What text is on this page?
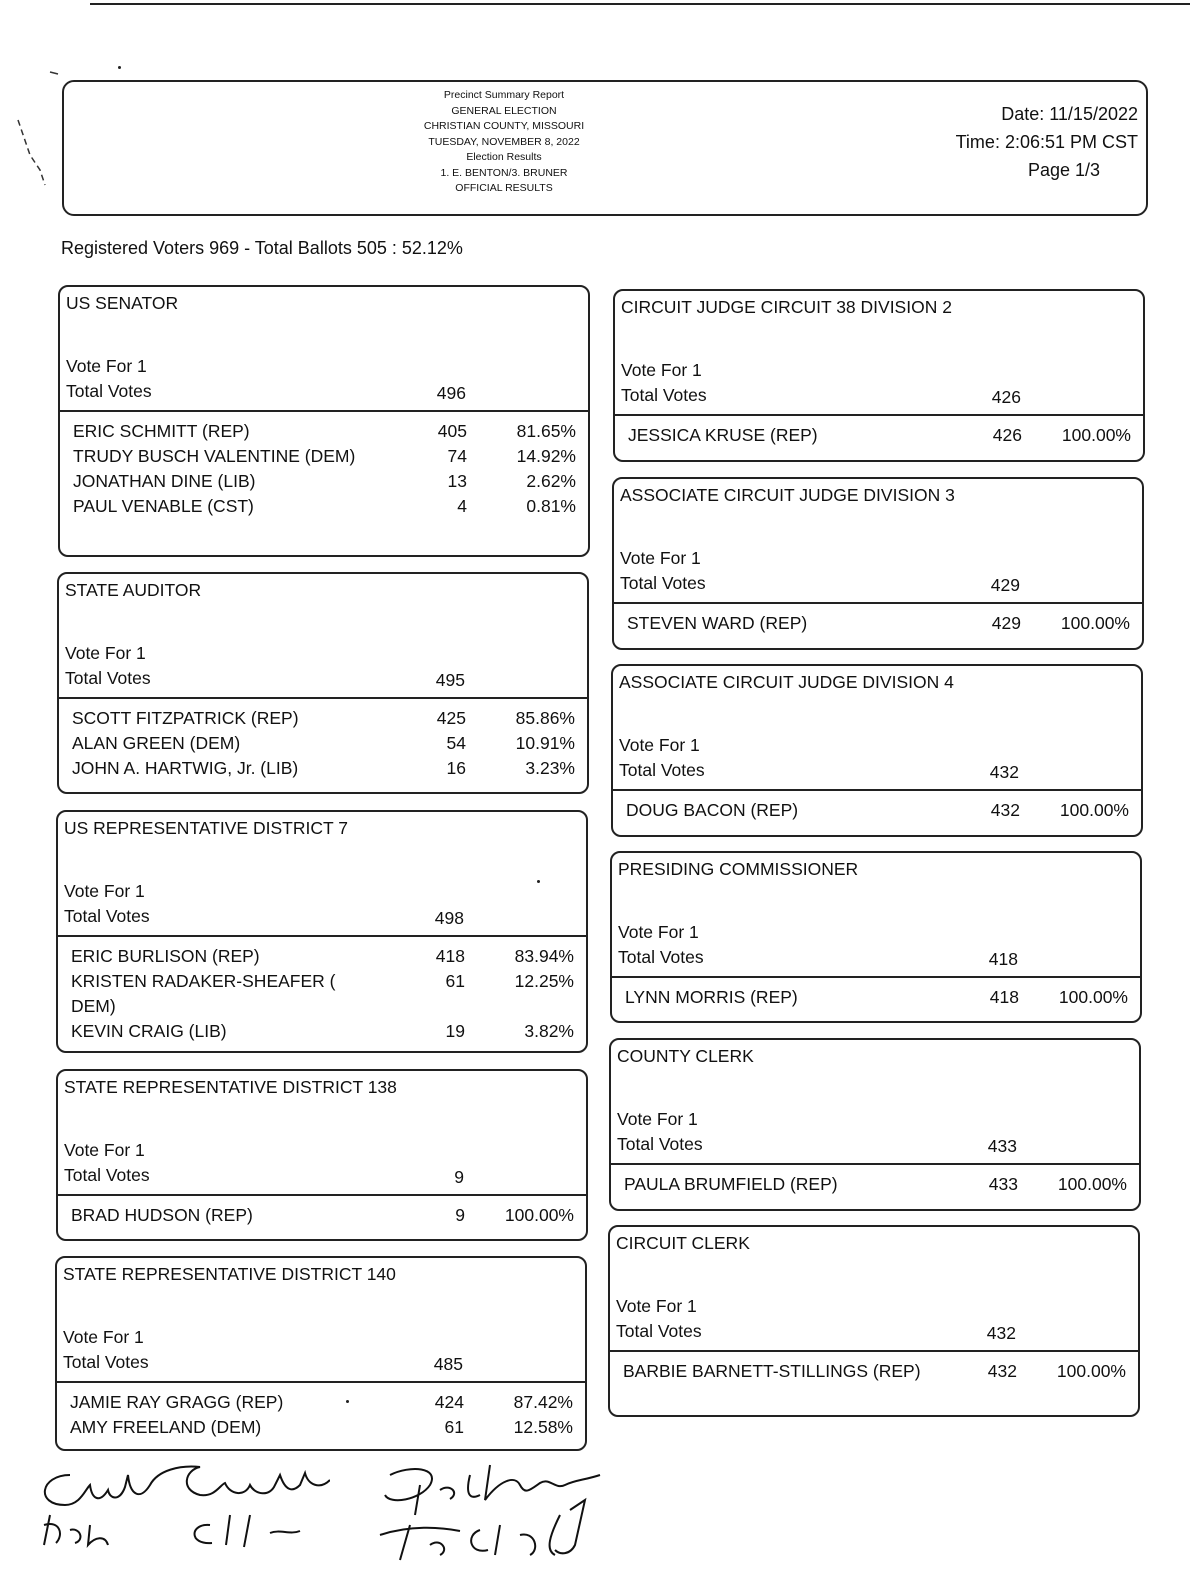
Precinct Summary Report
GENERAL ELECTION
CHRISTIAN COUNTY, MISSOURI
TUESDAY, NOVEMBER 8, 2022
Election Results
1. E. BENTON/3. BRUNER
OFFICIAL RESULTS
Date: 11/15/2022
Time: 2:06:51 PM CST
Page 1/3
Registered Voters 969 - Total Ballots 505 : 52.12%
US SENATOR
Vote For 1
Total Votes	496
ERIC SCHMITT (REP)	405	81.65%
TRUDY BUSCH VALENTINE (DEM)	74	14.92%
JONATHAN DINE (LIB)	13	2.62%
PAUL VENABLE (CST)	4	0.81%
STATE AUDITOR
Vote For 1
Total Votes	495
SCOTT FITZPATRICK (REP)	425	85.86%
ALAN GREEN (DEM)	54	10.91%
JOHN A. HARTWIG, Jr. (LIB)	16	3.23%
US REPRESENTATIVE DISTRICT 7
Vote For 1
Total Votes	498
ERIC BURLISON (REP)	418	83.94%
KRISTEN RADAKER-SHEAFER ( DEM)
61	12.25%
KEVIN CRAIG (LIB)	19	3.82%
STATE REPRESENTATIVE DISTRICT 138
Vote For 1
Total Votes	9
BRAD HUDSON (REP)	9	100.00%
STATE REPRESENTATIVE DISTRICT 140
Vote For 1
Total Votes	485
JAMIE RAY GRAGG (REP)	424	87.42%
AMY FREELAND (DEM)	61	12.58%
CIRCUIT JUDGE CIRCUIT 38 DIVISION 2
Vote For 1
Total Votes	426
JESSICA KRUSE (REP)	426	100.00%
ASSOCIATE CIRCUIT JUDGE DIVISION 3
Vote For 1
Total Votes	429
STEVEN WARD (REP)	429	100.00%
ASSOCIATE CIRCUIT JUDGE DIVISION 4
Vote For 1
Total Votes	432
DOUG BACON (REP)	432	100.00%
PRESIDING COMMISSIONER
Vote For 1
Total Votes	418
LYNN MORRIS (REP)	418	100.00%
COUNTY CLERK
Vote For 1
Total Votes	433
PAULA BRUMFIELD (REP)	433	100.00%
CIRCUIT CLERK
Vote For 1
Total Votes	432
BARBIE BARNETT-STILLINGS (REP)	432	100.00%
